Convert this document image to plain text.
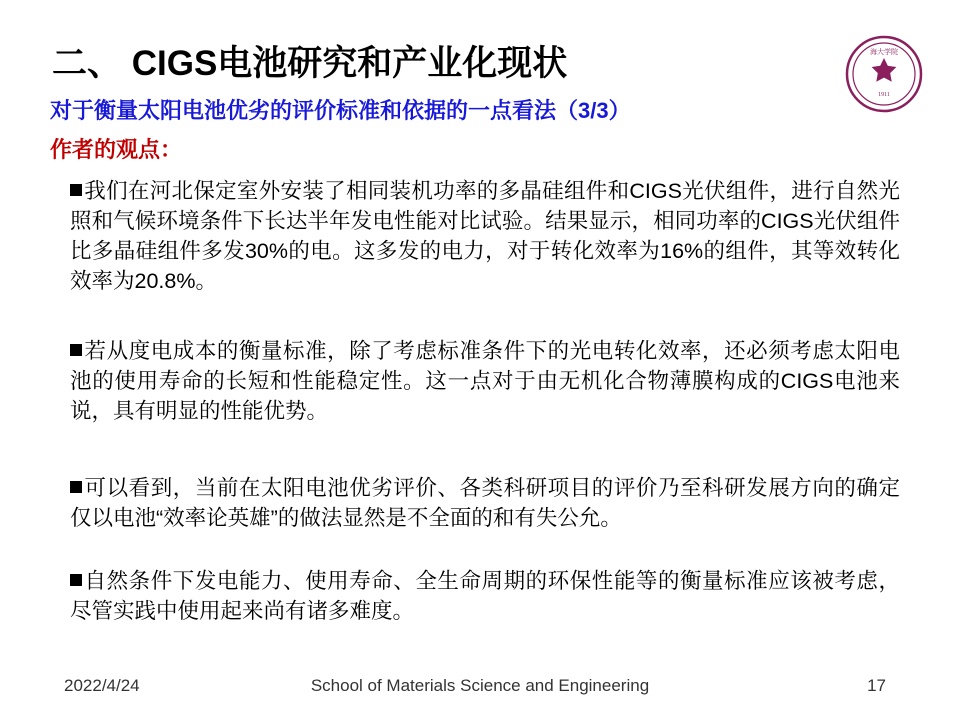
二、 CIGS电池研究和产业化现状
对于衡量太阳电池优劣的评价标准和依据的一点看法（3/3）
作者的观点：
海大学院
1911
我们在河北保定室外安装了相同装机功率的多晶硅组件和CIGS光伏组件，进行自然光照和气候环境条件下长达半年发电性能对比试验。结果显示，相同功率的CIGS光伏组件比多晶硅组件多发30%的电。这多发的电力，对于转化效率为16%的组件，其等效转化效率为20.8%。
若从度电成本的衡量标准，除了考虑标准条件下的光电转化效率，还必须考虑太阳电池的使用寿命的长短和性能稳定性。这一点对于由无机化合物薄膜构成的CIGS电池来说，具有明显的性能优势。
可以看到，当前在太阳电池优劣评价、各类科研项目的评价乃至科研发展方向的确定仅以电池“效率论英雄”的做法显然是不全面的和有失公允。
自然条件下发电能力、使用寿命、全生命周期的环保性能等的衡量标准应该被考虑，尽管实践中使用起来尚有诸多难度。
2022/4/24	School of Materials Science and Engineering	17
